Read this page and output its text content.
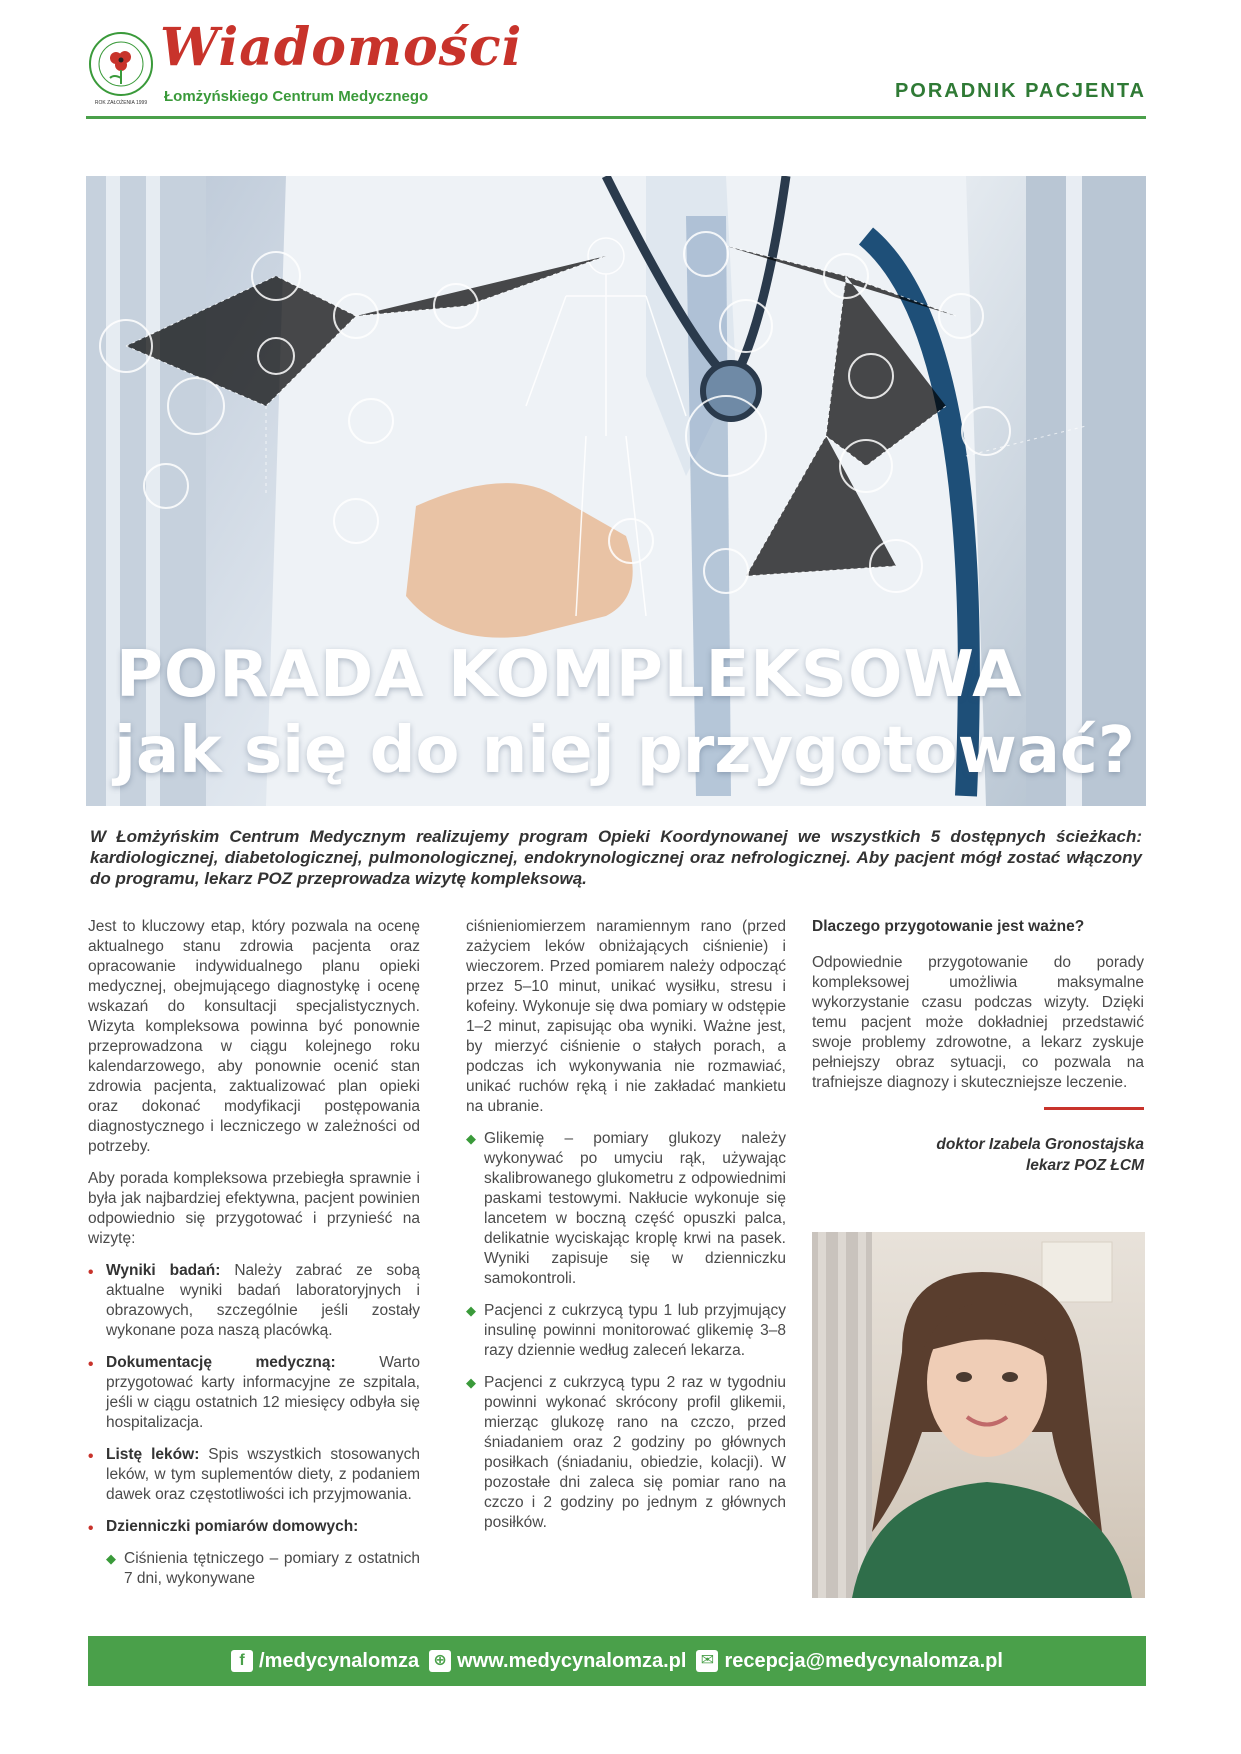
ROK ZAŁOŻENIA 1999
Wiadomości
Łomżyńskiego Centrum Medycznego	PORADNIK PACJENTA
PORADA KOMPLEKSOWA
jak się do niej przygotować?
W Łomżyńskim Centrum Medycznym realizujemy program Opieki Koordynowanej we wszystkich 5 dostępnych ścieżkach: kardiologicznej, diabetologicznej, pulmonologicznej, endokrynologicznej oraz nefrologicznej. Aby pacjent mógł zostać włączony do programu, lekarz POZ przeprowadza wizytę kompleksową.

Jest to kluczowy etap, który pozwala na ocenę aktualnego stanu zdrowia pacjenta oraz opracowanie indywidualnego planu opieki medycznej, obejmującego diagnostykę i ocenę wskazań do konsultacji specjalistycznych. Wizyta kompleksowa powinna być ponownie przeprowadzona w ciągu kolejnego roku kalendarzowego, aby ponownie ocenić stan zdrowia pacjenta, zaktualizować plan opieki oraz dokonać modyfikacji postępowania diagnostycznego i leczniczego w zależności od potrzeby.

Aby porada kompleksowa przebiegła sprawnie i była jak najbardziej efektywna, pacjent powinien odpowiednio się przygotować i przynieść na wizytę:

• Wyniki badań: Należy zabrać ze sobą aktualne wyniki badań laboratoryjnych i obrazowych, szczególnie jeśli zostały wykonane poza naszą placówką.
• Dokumentację medyczną: Warto przygotować karty informacyjne ze szpitala, jeśli w ciągu ostatnich 12 miesięcy odbyła się hospitalizacja.
• Listę leków: Spis wszystkich stosowanych leków, w tym suplementów diety, z podaniem dawek oraz częstotliwości ich przyjmowania.
• Dzienniczki pomiarów domowych:
◆ Ciśnienia tętniczego – pomiary z ostatnich 7 dni, wykonywane

ciśnieniomierzem naramiennym rano (przed zażyciem leków obniżających ciśnienie) i wieczorem. Przed pomiarem należy odpocząć przez 5–10 minut, unikać wysiłku, stresu i kofeiny. Wykonuje się dwa pomiary w odstępie 1–2 minut, zapisując oba wyniki. Ważne jest, by mierzyć ciśnienie o stałych porach, a podczas ich wykonywania nie rozmawiać, unikać ruchów ręką i nie zakładać mankietu na ubranie.

◆ Glikemię – pomiary glukozy należy wykonywać po umyciu rąk, używając skalibrowanego glukometru z odpowiednimi paskami testowymi. Nakłucie wykonuje się lancetem w boczną część opuszki palca, delikatnie wyciskając kroplę krwi na pasek. Wyniki zapisuje się w dzienniczku samokontroli.
◆ Pacjenci z cukrzycą typu 1 lub przyjmujący insulinę powinni monitorować glikemię 3–8 razy dziennie według zaleceń lekarza.
◆ Pacjenci z cukrzycą typu 2 raz w tygodniu powinni wykonać skrócony profil glikemii, mierząc glukozę rano na czczo, przed śniadaniem oraz 2 godziny po głównych posiłkach (śniadaniu, obiedzie, kolacji). W pozostałe dni zaleca się pomiar rano na czczo i 2 godziny po jednym z głównych posiłków.
Dlaczego przygotowanie jest ważne?

Odpowiednie przygotowanie do porady kompleksowej umożliwia maksymalne wykorzystanie czasu podczas wizyty. Dzięki temu pacjent może dokładniej przedstawić swoje problemy zdrowotne, a lekarz zyskuje pełniejszy obraz sytuacji, co pozwala na trafniejsze diagnozy i skuteczniejsze leczenie.

doktor Izabela Gronostajska
lekarz POZ ŁCM
f /medycynalomza ⊕ www.medycynalomza.pl ✉ recepcja@medycynalomza.pl
